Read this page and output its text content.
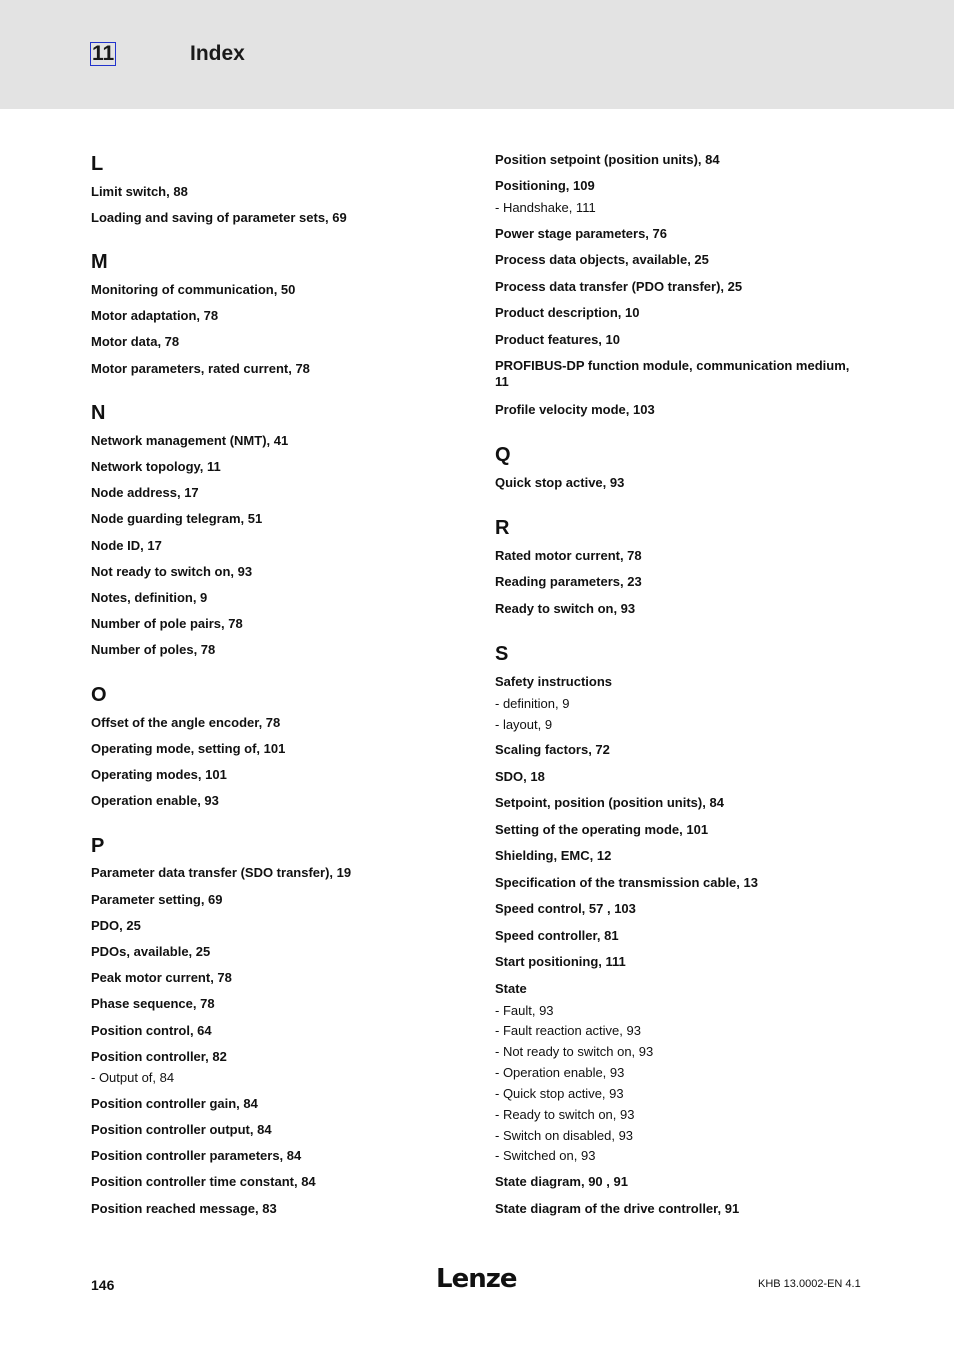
11	Index
L
Limit switch, 88
Loading and saving of parameter sets, 69
M
Monitoring of communication, 50
Motor adaptation, 78
Motor data, 78
Motor parameters, rated current, 78
N
Network management (NMT), 41
Network topology, 11
Node address, 17
Node guarding telegram, 51
Node ID, 17
Not ready to switch on, 93
Notes, definition, 9
Number of pole pairs, 78
Number of poles, 78
O
Offset of the angle encoder, 78
Operating mode, setting of, 101
Operating modes, 101
Operation enable, 93
P
Parameter data transfer (SDO transfer), 19
Parameter setting, 69
PDO, 25
PDOs, available, 25
Peak motor current, 78
Phase sequence, 78
Position control, 64
Position controller, 82
- Output of, 84
Position controller gain, 84
Position controller output, 84
Position controller parameters, 84
Position controller time constant, 84
Position reached message, 83
Position setpoint (position units), 84
Positioning, 109
- Handshake, 111
Power stage parameters, 76
Process data objects, available, 25
Process data transfer (PDO transfer), 25
Product description, 10
Product features, 10
PROFIBUS-DP function module, communication medium, 11
Profile velocity mode, 103
Q
Quick stop active, 93
R
Rated motor current, 78
Reading parameters, 23
Ready to switch on, 93
S
Safety instructions
- definition, 9
- layout, 9
Scaling factors, 72
SDO, 18
Setpoint, position (position units), 84
Setting of the operating mode, 101
Shielding, EMC, 12
Specification of the transmission cable, 13
Speed control, 57 , 103
Speed controller, 81
Start positioning, 111
State
- Fault, 93
- Fault reaction active, 93
- Not ready to switch on, 93
- Operation enable, 93
- Quick stop active, 93
- Ready to switch on, 93
- Switch on disabled, 93
- Switched on, 93
State diagram, 90 , 91
State diagram of the drive controller, 91
146	Lenze	KHB 13.0002-EN 4.1
